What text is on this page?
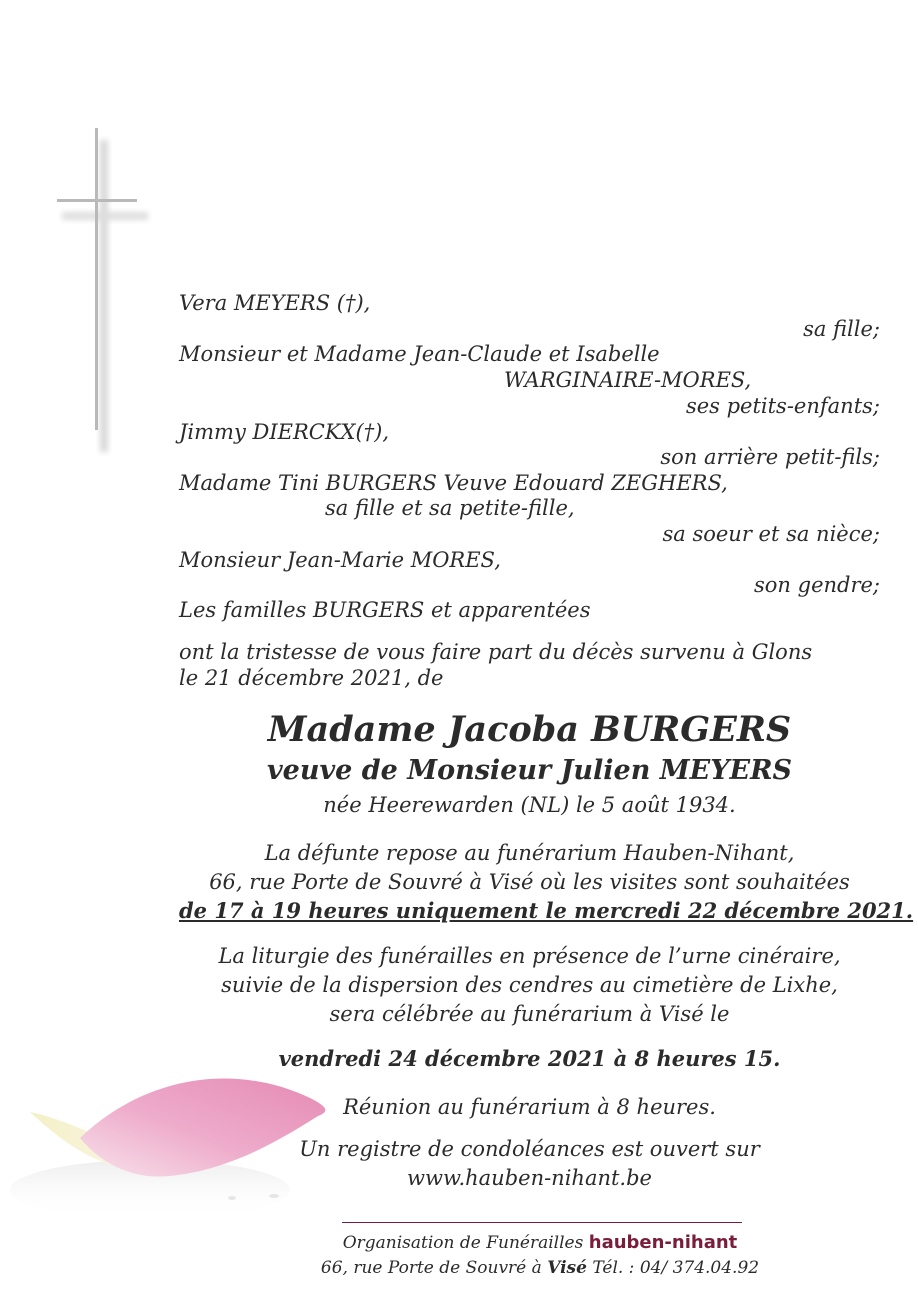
Vera MEYERS (†),
sa fille;
Monsieur et Madame Jean-Claude et Isabelle
WARGINAIRE-MORES,
ses petits-enfants;
Jimmy DIERCKX(†),
son arrière petit-fils;
Madame Tini BURGERS Veuve Edouard ZEGHERS,
sa fille et sa petite-fille,
sa soeur et sa nièce;
Monsieur Jean-Marie MORES,
son gendre;
Les familles BURGERS et apparentées
ont la tristesse de vous faire part du décès survenu à Glons
le 21 décembre 2021, de
Madame Jacoba BURGERS
veuve de Monsieur Julien MEYERS
née Heerewarden (NL) le 5 août 1934.
La défunte repose au funérarium Hauben-Nihant,
66, rue Porte de Souvré à Visé où les visites sont souhaitées
de 17 à 19 heures uniquement le mercredi 22 décembre 2021.
La liturgie des funérailles en présence de l’urne cinéraire,
suivie de la dispersion des cendres au cimetière de Lixhe,
sera célébrée au funérarium à Visé le
vendredi 24 décembre 2021 à 8 heures 15.
Réunion au funérarium à 8 heures.
Un registre de condoléances est ouvert sur
www.hauben-nihant.be
Organisation de Funérailles hauben-nihant
66, rue Porte de Souvré à Visé Tél. : 04/ 374.04.92
